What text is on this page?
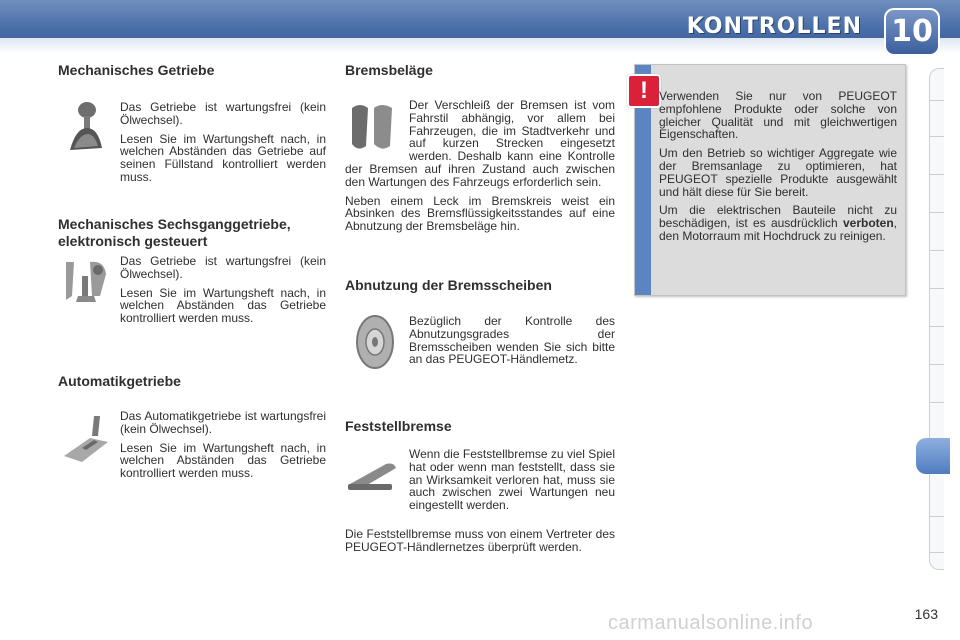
KONTROLLEN 10
Mechanisches Getriebe

Das Getriebe ist wartungsfrei (kein Ölwechsel).

Lesen Sie im Wartungsheft nach, in welchen Abständen das Getriebe auf seinen Füllstand kontrolliert werden muss.

Mechanisches Sechsganggetriebe,
elektronisch gesteuert

Das Getriebe ist wartungsfrei (kein Ölwechsel).

Lesen Sie im Wartungsheft nach, in welchen Abständen das Getriebe kontrolliert werden muss.

Automatikgetriebe

Das Automatikgetriebe ist wartungsfrei (kein Ölwechsel).

Lesen Sie im Wartungsheft nach, in welchen Abständen das Getriebe kontrolliert werden muss.

Bremsbeläge

Der Verschleiß der Bremsen ist vom Fahrstil abhängig, vor allem bei Fahrzeugen, die im Stadtverkehr und auf kurzen Strecken eingesetzt werden. Deshalb kann eine Kontrolle der Bremsen auf ihren Zustand auch zwischen den Wartungen des Fahrzeugs erforderlich sein.

Neben einem Leck im Bremskreis weist ein Absinken des Bremsflüssigkeitsstandes auf eine Abnutzung der Bremsbeläge hin.

Abnutzung der Bremsscheiben

Bezüglich der Kontrolle des Abnutzungsgrades der Bremsscheiben wenden Sie sich bitte an das PEUGEOT-Händlemetz.

Feststellbremse

Wenn die Feststellbremse zu viel Spiel hat oder wenn man feststellt, dass sie an Wirksamkeit verloren hat, muss sie auch zwischen zwei Wartungen neu eingestellt werden.

Die Feststellbremse muss von einem Vertreter des PEUGEOT-Händlernetzes überprüft werden.

! Verwenden Sie nur von PEUGEOT empfohlene Produkte oder solche von gleicher Qualität und mit gleichwertigen Eigenschaften.

Um den Betrieb so wichtiger Aggregate wie der Bremsanlage zu optimieren, hat PEUGEOT spezielle Produkte ausgewählt und hält diese für Sie bereit.

Um die elektrischen Bauteile nicht zu beschädigen, ist es ausdrücklich verboten, den Motorraum mit Hochdruck zu reinigen.

163
carmanualsonline.info
